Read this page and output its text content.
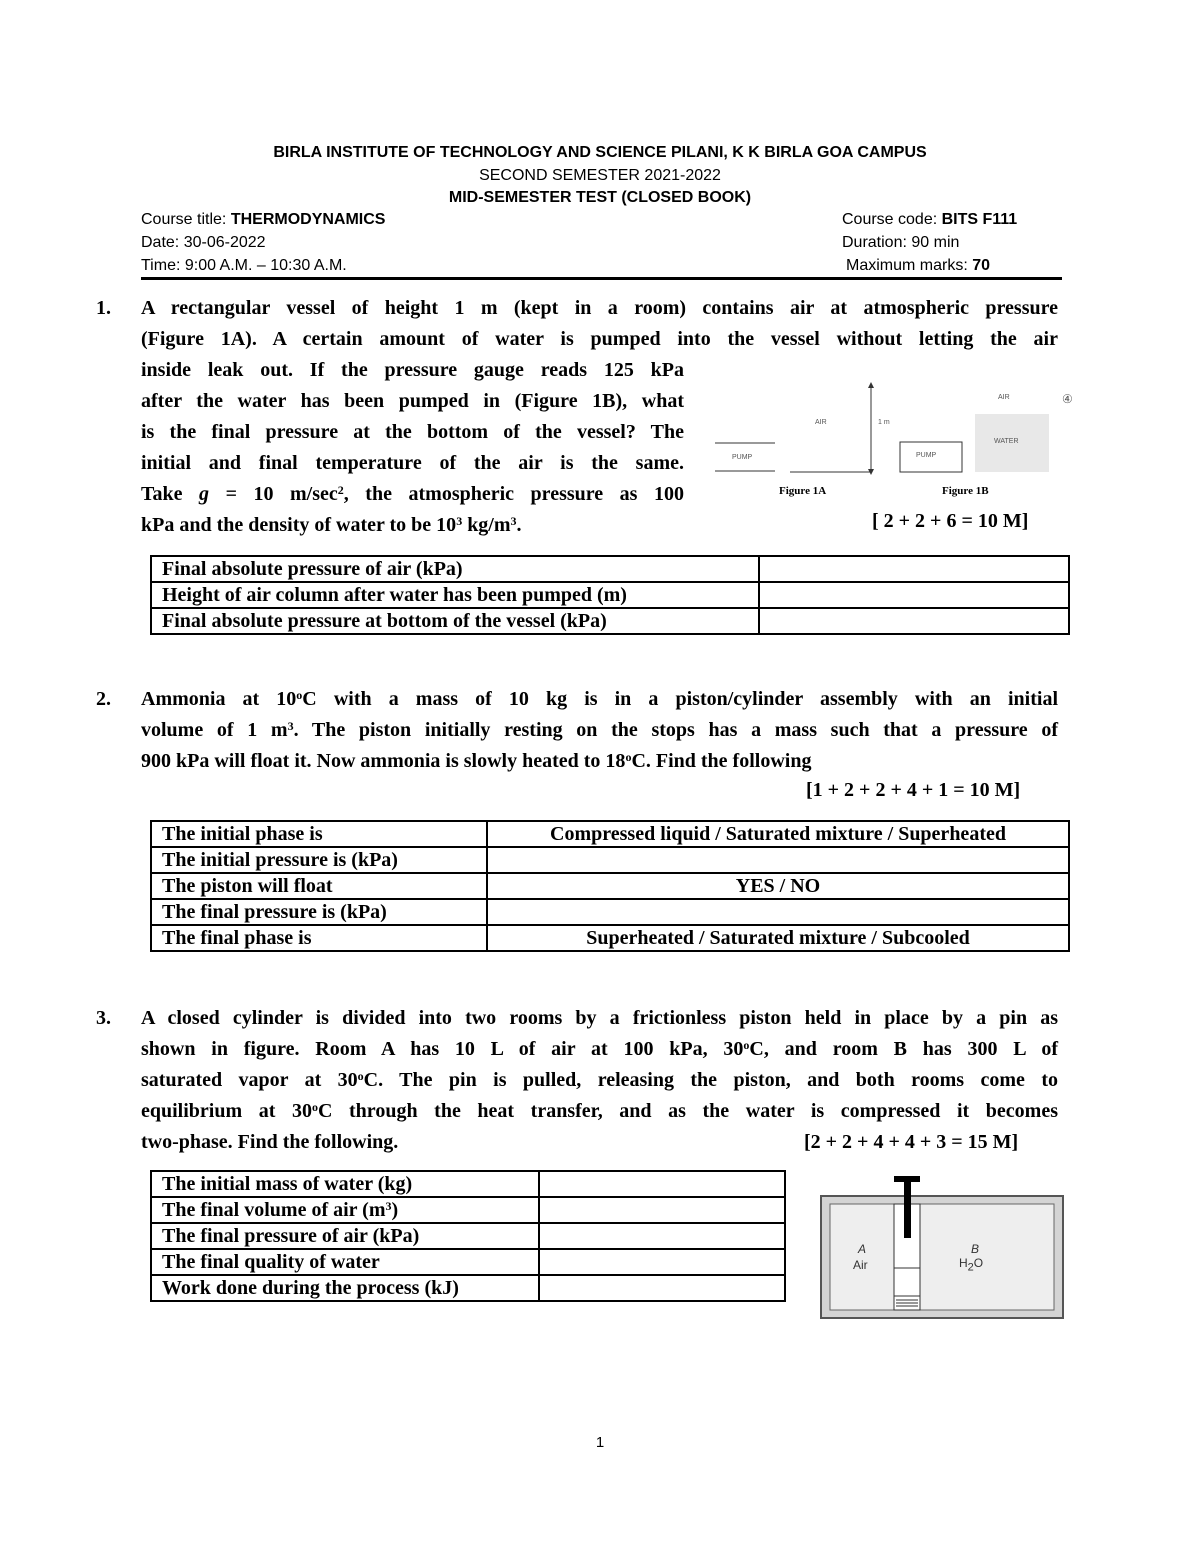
BIRLA INSTITUTE OF TECHNOLOGY AND SCIENCE PILANI, K K BIRLA GOA CAMPUS
SECOND SEMESTER 2021-2022
MID-SEMESTER TEST (CLOSED BOOK)
Course title: THERMODYNAMICS	Course code: BITS F111
Date: 30-06-2022	Duration: 90 min
Time: 9:00 A.M. – 10:30 A.M.	Maximum marks: 70
1. A rectangular vessel of height 1 m (kept in a room) contains air at atmospheric pressure
(Figure 1A). A certain amount of water is pumped into the vessel without letting the air
inside leak out. If the pressure gauge reads 125 kPa
after the water has been pumped in (Figure 1B), what
is the final pressure at the bottom of the vessel? The
initial and final temperature of the air is the same.
Take g = 10 $m/\sec^2$, the atmospheric pressure as 100
kPa and the density of water to be $10^3$ $kg/m^3$.	[ 2 + 2 + 6 = 10 M]
PUMP
AIR	1 m
PUMP
AIR
WATER
④
Figure 1A	Figure 1B
Final absolute pressure of air (kPa)	
Height of air column after water has been pumped (m)	
Final absolute pressure at bottom of the vessel (kPa)	
2. Ammonia at 10$^o$C with a mass of 10 kg is in a piston/cylinder assembly with an initial
volume of 1 $m^3$. The piston initially resting on the stops has a mass such that a pressure of
900 kPa will float it. Now ammonia is slowly heated to 18$^o$C. Find the following
[1 + 2 + 2 + 4 + 1 = 10 M]
The initial phase is	Compressed liquid / Saturated mixture / Superheated
The initial pressure is (kPa)	
The piston will float	YES / NO
The final pressure is (kPa)	
The final phase is	Superheated / Saturated mixture / Subcooled
3. A closed cylinder is divided into two rooms by a frictionless piston held in place by a pin as
shown in figure. Room A has 10 L of air at 100 kPa, 30$^o$C, and room B has 300 L of
saturated vapor at 30$^o$C. The pin is pulled, releasing the piston, and both rooms come to
equilibrium at 30$^o$C through the heat transfer, and as the water is compressed it becomes
two-phase. Find the following.	[2 + 2 + 4 + 4 + 3 = 15 M]
The initial mass of water (kg)	
The final volume of air $(m^3)$	
The final pressure of air (kPa)	
The final quality of water	
Work done during the process (kJ)	
A
Air
B
$H_2O$
1
